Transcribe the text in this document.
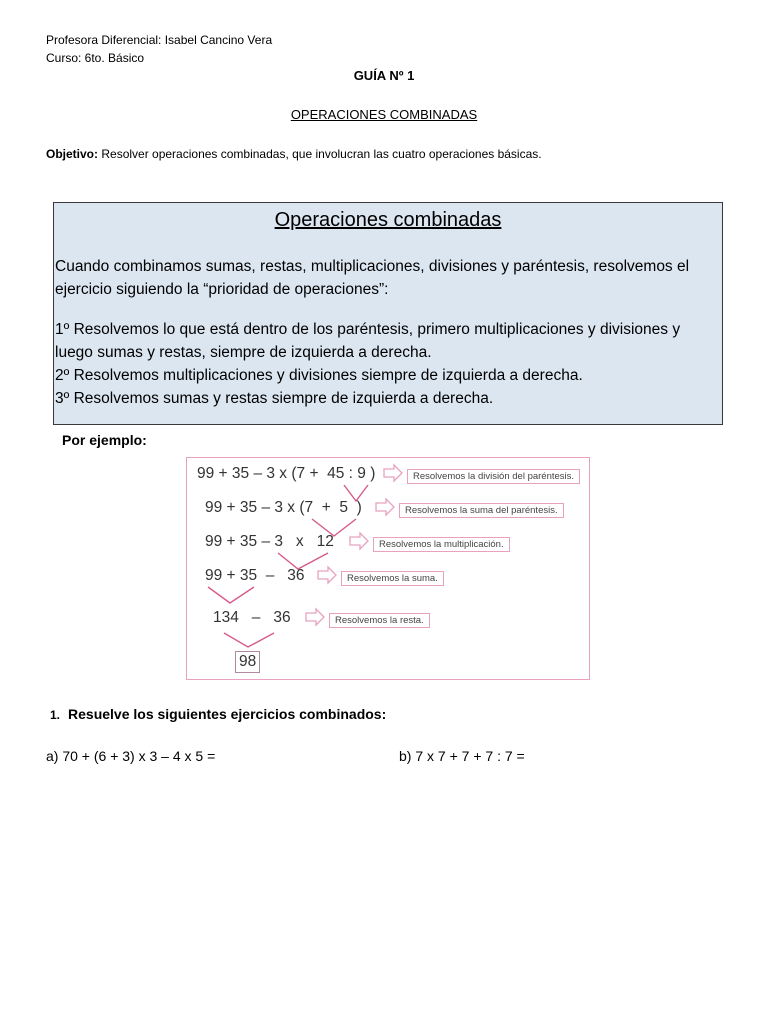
Profesora Diferencial: Isabel Cancino Vera
Curso: 6to. Básico
GUÍA Nº 1
OPERACIONES COMBINADAS
Objetivo: Resolver operaciones combinadas, que involucran las cuatro operaciones básicas.
Operaciones combinadas

Cuando combinamos sumas, restas, multiplicaciones, divisiones y paréntesis, resolvemos el ejercicio siguiendo la “prioridad de operaciones”:

1º Resolvemos lo que está dentro de los paréntesis, primero multiplicaciones y divisiones y luego sumas y restas, siempre de izquierda a derecha.
2º Resolvemos multiplicaciones y divisiones siempre de izquierda a derecha.
3º Resolvemos sumas y restas siempre de izquierda a derecha.

Por ejemplo:
99 + 35 – 3 x (7 +  45 : 9 )	Resolvemos la división del paréntesis.
99 + 35 – 3 x (7  +  5  )	Resolvemos la suma del paréntesis.
99 + 35 – 3   x   12	Resolvemos la multiplicación.
99 + 35  –   36	Resolvemos la suma.
134   –   36	Resolvemos la resta.
98
1. Resuelve los siguientes ejercicios combinados:
a) 70 + (6 + 3) x 3 – 4 x 5 =	b) 7 x 7 + 7 + 7 : 7 =
